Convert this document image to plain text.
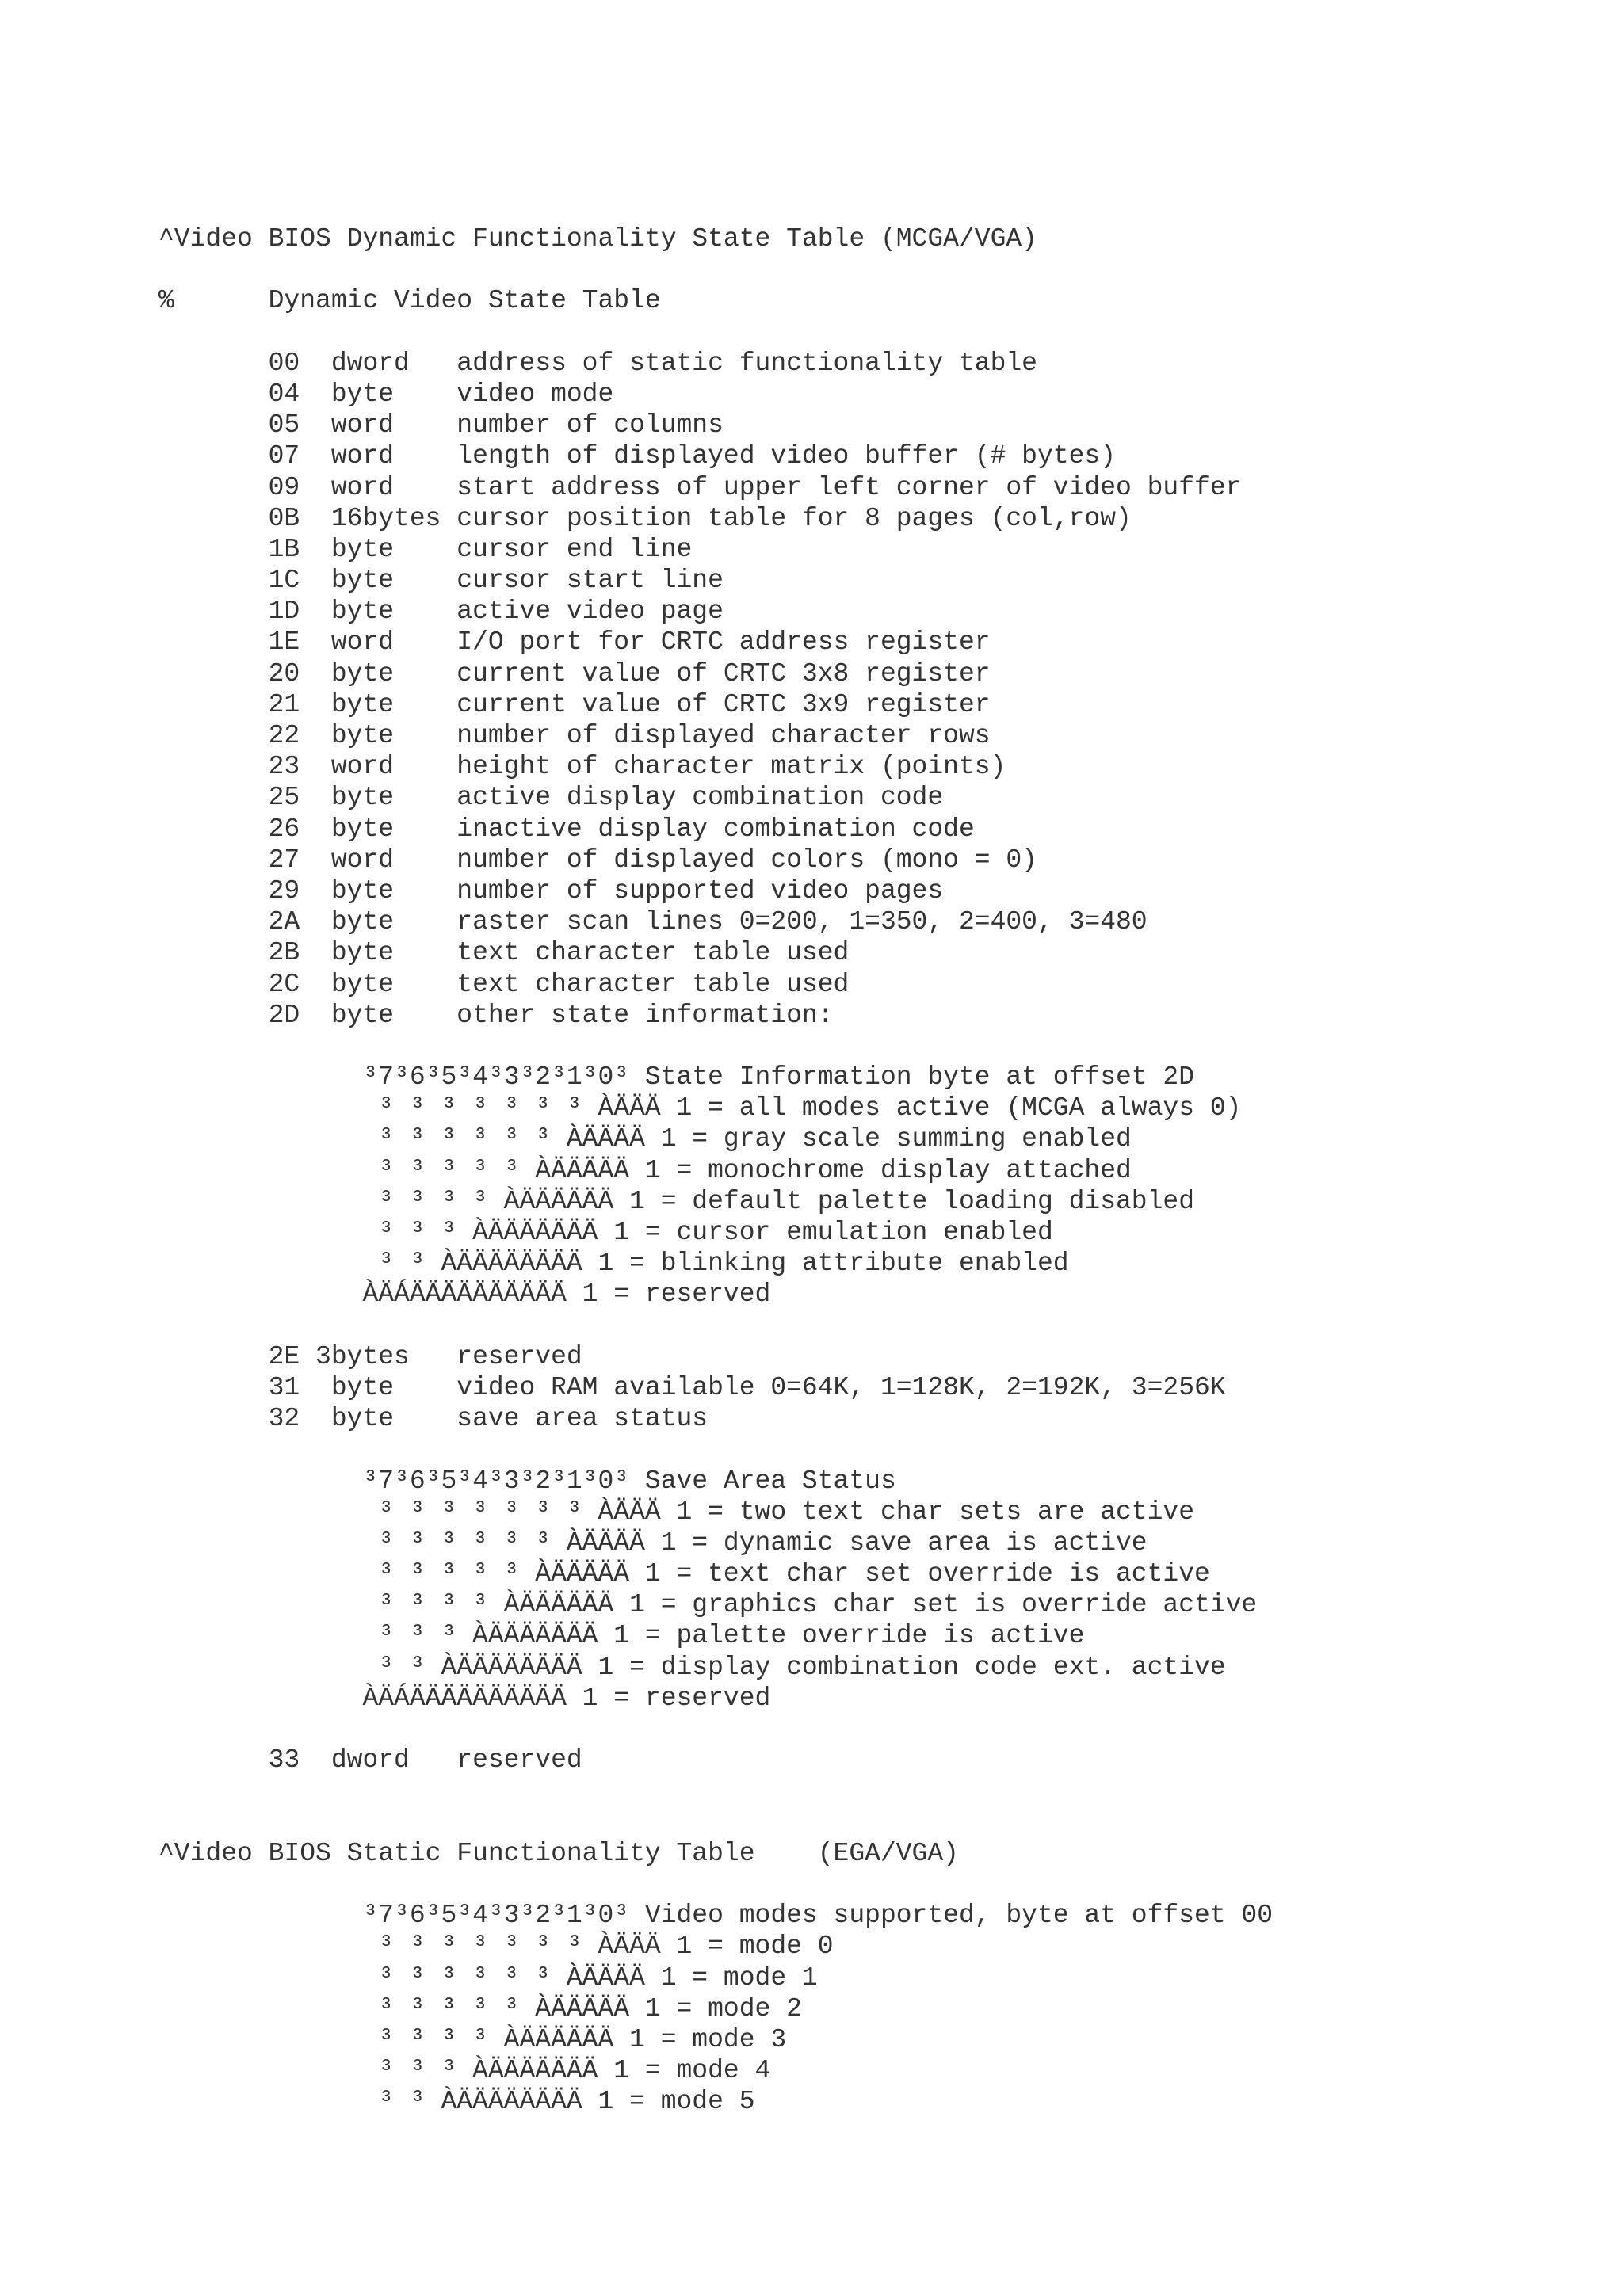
^Video BIOS Dynamic Functionality State Table (MCGA/VGA)
%      Dynamic Video State Table
00  dword   address of static functionality table
04  byte    video mode
05  word    number of columns
07  word    length of displayed video buffer (# bytes)
09  word    start address of upper left corner of video buffer
0B  16bytes cursor position table for 8 pages (col,row)
1B  byte    cursor end line
1C  byte    cursor start line
1D  byte    active video page
1E  word    I/O port for CRTC address register
20  byte    current value of CRTC 3x8 register
21  byte    current value of CRTC 3x9 register
22  byte    number of displayed character rows
23  word    height of character matrix (points)
25  byte    active display combination code
26  byte    inactive display combination code
27  word    number of displayed colors (mono = 0)
29  byte    number of supported video pages
2A  byte    raster scan lines 0=200, 1=350, 2=400, 3=480
2B  byte    text character table used
2C  byte    text character table used
2D  byte    other state information:
³7³6³5³4³3³2³1³0³ State Information byte at offset 2D
³ ³ ³ ³ ³ ³ ³ ÀÄÄÄ 1 = all modes active (MCGA always 0)
³ ³ ³ ³ ³ ³ ÀÄÄÄÄ 1 = gray scale summing enabled
³ ³ ³ ³ ³ ÀÄÄÄÄÄ 1 = monochrome display attached
³ ³ ³ ³ ÀÄÄÄÄÄÄ 1 = default palette loading disabled
³ ³ ³ ÀÄÄÄÄÄÄÄ 1 = cursor emulation enabled
³ ³ ÀÄÄÄÄÄÄÄÄ 1 = blinking attribute enabled
ÀÄÁÄÄÄÄÄÄÄÄÄÄ 1 = reserved
2E 3bytes   reserved
31  byte    video RAM available 0=64K, 1=128K, 2=192K, 3=256K
32  byte    save area status
³7³6³5³4³3³2³1³0³ Save Area Status
³ ³ ³ ³ ³ ³ ³ ÀÄÄÄ 1 = two text char sets are active
³ ³ ³ ³ ³ ³ ÀÄÄÄÄ 1 = dynamic save area is active
³ ³ ³ ³ ³ ÀÄÄÄÄÄ 1 = text char set override is active
³ ³ ³ ³ ÀÄÄÄÄÄÄ 1 = graphics char set is override active
³ ³ ³ ÀÄÄÄÄÄÄÄ 1 = palette override is active
³ ³ ÀÄÄÄÄÄÄÄÄ 1 = display combination code ext. active
ÀÄÁÄÄÄÄÄÄÄÄÄÄ 1 = reserved
33  dword   reserved
^Video BIOS Static Functionality Table    (EGA/VGA)
³7³6³5³4³3³2³1³0³ Video modes supported, byte at offset 00
³ ³ ³ ³ ³ ³ ³ ÀÄÄÄ 1 = mode 0
³ ³ ³ ³ ³ ³ ÀÄÄÄÄ 1 = mode 1
³ ³ ³ ³ ³ ÀÄÄÄÄÄ 1 = mode 2
³ ³ ³ ³ ÀÄÄÄÄÄÄ 1 = mode 3
³ ³ ³ ÀÄÄÄÄÄÄÄ 1 = mode 4
³ ³ ÀÄÄÄÄÄÄÄÄ 1 = mode 5
